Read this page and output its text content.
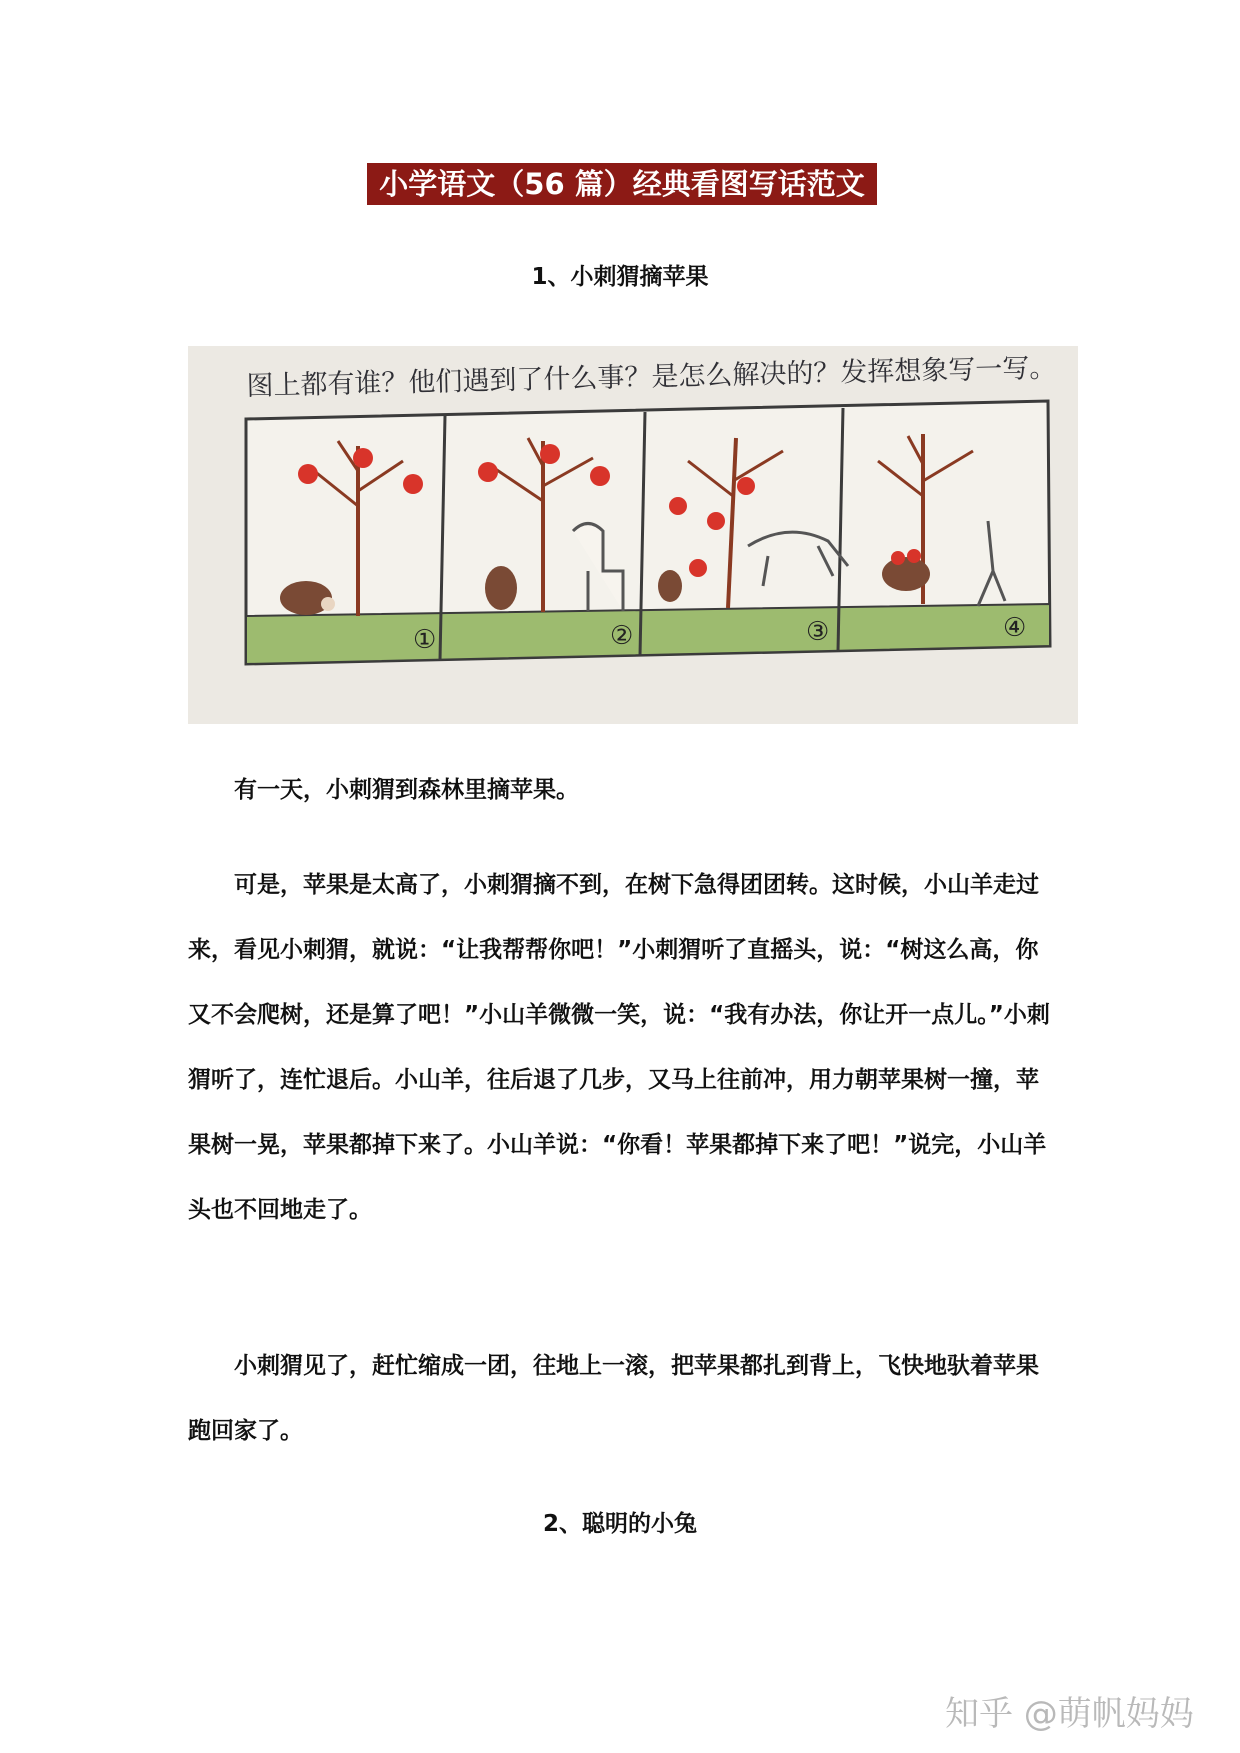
小学语文（56 篇）经典看图写话范文
1、小刺猬摘苹果
图上都有谁？他们遇到了什么事？是怎么解决的？发挥想象写一写。
①	②	③	④

有一天，小刺猬到森林里摘苹果。

可是，苹果是太高了，小刺猬摘不到，在树下急得团团转。这时候，小山羊走过来，看见小刺猬，就说：“让我帮帮你吧！”小刺猬听了直摇头，说：“树这么高，你又不会爬树，还是算了吧！”小山羊微微一笑，说：“我有办法，你让开一点儿。”小刺猬听了，连忙退后。小山羊，往后退了几步，又马上往前冲，用力朝苹果树一撞，苹果树一晃，苹果都掉下来了。小山羊说：“你看！苹果都掉下来了吧！”说完，小山羊头也不回地走了。

小刺猬见了，赶忙缩成一团，往地上一滚，把苹果都扎到背上，飞快地驮着苹果跑回家了。

2、聪明的小兔
知乎 @萌帆妈妈
